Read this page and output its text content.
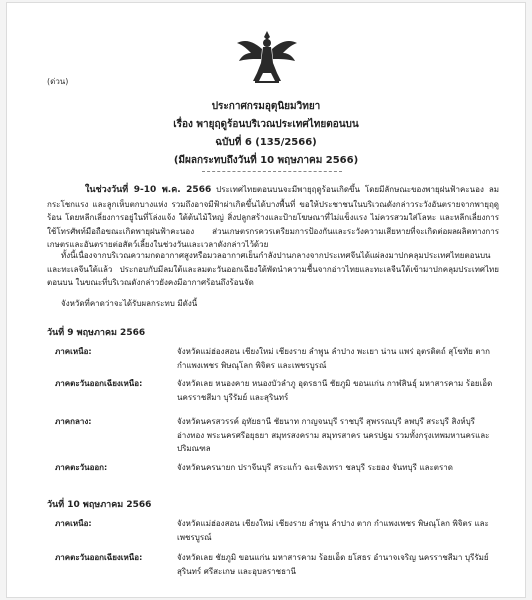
(ด่วน)
ประกาศกรมอุตุนิยมวิทยา
เรื่อง พายุฤดูร้อนบริเวณประเทศไทยตอนบน
ฉบับที่ 6 (135/2566)
(มีผลกระทบถึงวันที่ 10 พฤษภาคม 2566)
ในช่วงวันที่ 9-10 พ.ค. 2566 ประเทศไทยตอนบนจะมีพายุฤดูร้อนเกิดขึ้น โดยมีลักษณะของพายุฝนฟ้าคะนอง ลมกระโชกแรง และลูกเห็บตกบางแห่ง รวมถึงอาจมีฟ้าผ่าเกิดขึ้นได้บางพื้นที่ ขอให้ประชาชนในบริเวณดังกล่าวระวังอันตรายจากพายุฤดูร้อน โดยหลีกเลี่ยงการอยู่ในที่โล่งแจ้ง ใต้ต้นไม้ใหญ่ สิ่งปลูกสร้างและป้ายโฆษณาที่ไม่แข็งแรง ไม่ควรสวมใส่โลหะ และหลีกเลี่ยงการใช้โทรศัพท์มือถือขณะเกิดพายุฝนฟ้าคะนอง ส่วนเกษตรกรควรเตรียมการป้องกันและระวังความเสียหายที่จะเกิดต่อผลผลิตทางการเกษตรและอันตรายต่อสัตว์เลี้ยงในช่วงวันและเวลาดังกล่าวไว้ด้วย
ทั้งนี้เนื่องจากบริเวณความกดอากาศสูงหรือมวลอากาศเย็นกำลังปานกลางจากประเทศจีนได้แผ่ลงมาปกคลุมประเทศไทยตอนบนและทะเลจีนใต้แล้ว ประกอบกับมีลมใต้และลมตะวันออกเฉียงใต้พัดนำความชื้นจากอ่าวไทยและทะเลจีนใต้เข้ามาปกคลุมประเทศไทยตอนบน ในขณะที่บริเวณดังกล่าวยังคงมีอากาศร้อนถึงร้อนจัด
จังหวัดที่คาดว่าจะได้รับผลกระทบ มีดังนี้
วันที่ 9 พฤษภาคม 2566
ภาคเหนือ:	จังหวัดแม่ฮ่องสอน เชียงใหม่ เชียงราย ลำพูน ลำปาง พะเยา น่าน แพร่ อุตรดิตถ์ สุโขทัย ตาก กำแพงเพชร พิษณุโลก พิจิตร และเพชรบูรณ์
ภาคตะวันออกเฉียงเหนือ:	จังหวัดเลย หนองคาย หนองบัวลำภู อุดรธานี ชัยภูมิ ขอนแก่น กาฬสินธุ์ มหาสารคาม ร้อยเอ็ด นครราชสีมา บุรีรัมย์ และสุรินทร์
ภาคกลาง:	จังหวัดนครสวรรค์ อุทัยธานี ชัยนาท กาญจนบุรี ราชบุรี สุพรรณบุรี ลพบุรี สระบุรี สิงห์บุรี อ่างทอง พระนครศรีอยุธยา สมุทรสงคราม สมุทรสาคร นครปฐม รวมทั้งกรุงเทพมหานครและปริมณฑล
ภาคตะวันออก:	จังหวัดนครนายก ปราจีนบุรี สระแก้ว ฉะเชิงเทรา ชลบุรี ระยอง จันทบุรี และตราด
วันที่ 10 พฤษภาคม 2566
ภาคเหนือ:	จังหวัดแม่ฮ่องสอน เชียงใหม่ เชียงราย ลำพูน ลำปาง ตาก กำแพงเพชร พิษณุโลก พิจิตร และเพชรบูรณ์
ภาคตะวันออกเฉียงเหนือ:	จังหวัดเลย ชัยภูมิ ขอนแก่น มหาสารคาม ร้อยเอ็ด ยโสธร อำนาจเจริญ นครราชสีมา บุรีรัมย์ สุรินทร์ ศรีสะเกษ และอุบลราชธานี
